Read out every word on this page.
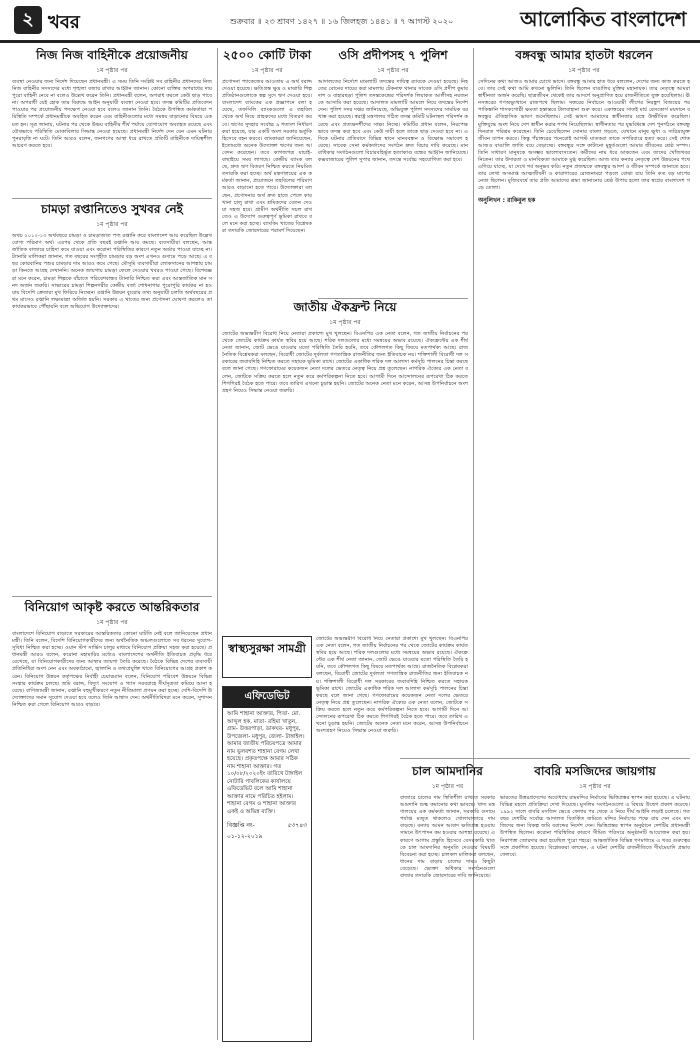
২ খবর	শুক্রবার ॥ ২৩ শ্রাবণ ১৪২৭ ॥ ১৬ জিলহজ ১৪৪১ ॥ ৭ আগস্ট ২০২০	আলোকিত বাংলাদেশ
নিজ নিজ বাহিনীকে প্রয়োজনীয়
১ম পৃষ্ঠার পর
ব্যবস্থা নেওয়ার জন্য নির্দেশ দিয়েছেন প্রধানমন্ত্রী। এ সময় তিনি সংশ্লিষ্ট সব বাহিনীর প্রধানদের নিজ নিজ বাহিনীর সদস্যদের মধ্যে শৃঙ্খলা বজায় রাখার আহ্বান জানান। কোনো ব্যক্তির অপরাধের দায় পুরো বাহিনী নেবে না বলেও উল্লেখ করেন তিনি। প্রধানমন্ত্রী বলেন, অপরাধ করলে কেউ ছাড় পাবে না। অপরাধী যেই হোক তার বিরুদ্ধে আইন অনুযায়ী ব্যবস্থা নেওয়া হবে। তদন্ত কমিটির প্রতিবেদন পাওয়ার পর প্রয়োজনীয় পদক্ষেপ নেওয়া হবে বলেও জানান তিনি। বৈঠকে উপস্থিত কর্মকর্তারা পরিস্থিতি সম্পর্কে প্রধানমন্ত্রীকে অবহিত করেন এবং বাহিনীগুলোর মধ্যে সমন্বয় বাড়ানোর বিষয়ে একমত হন। সূত্র জানায়, ঘটনার পর থেকে উভয় বাহিনীর শীর্ষ পর্যায়ে যোগাযোগ অব্যাহত রয়েছে এবং যৌথভাবে পরিস্থিতি মোকাবিলার সিদ্ধান্ত নেওয়া হয়েছে। প্রধানমন্ত্রী নির্দেশ দেন যেন এমন ঘটনার পুনরাবৃত্তি না ঘটে। তিনি আরও বলেন, জনগণের আস্থা ধরে রাখতে প্রতিটি বাহিনীকে দায়িত্বশীল আচরণ করতে হবে।
চামড়া রপ্তানিতেও সুখবর নেই
১ম পৃষ্ঠার পর
অথচ ২০১২-১৩ অর্থবছরে চামড়া ও চামড়াজাত পণ্য রপ্তানি করে বাংলাদেশ আয় করেছিল উল্লেখযোগ্য পরিমাণ অর্থ। এরপর থেকে প্রতি বছরই রপ্তানি আয় কমছে। ব্যবসায়ীরা বলছেন, আন্তর্জাতিক বাজারে চাহিদা কমে যাওয়া এবং করোনা পরিস্থিতির কারণে নতুন অর্ডার পাওয়া যাচ্ছে না। ট্যানারি মালিকরা জানান, গত বছরের সংগৃহীত চামড়ার বড় অংশ এখনও গুদামে পড়ে আছে। এ বছর কোরবানির পশুর চামড়ার দাম আরও কমে গেছে। মৌসুমি ব্যবসায়ীরা লোকসানের আশঙ্কায় চামড়া কিনতে আগ্রহ দেখাননি। অনেক জায়গায় চামড়া ফেলে দেওয়ার খবরও পাওয়া গেছে। বিশেষজ্ঞরা মনে করেন, চামড়া শিল্পকে বাঁচাতে পরিবেশবান্ধব ট্যানারি নিশ্চিত করা এবং আন্তর্জাতিক মান সনদ অর্জন জরুরি। সাভারের চামড়া শিল্পনগরীর কেন্দ্রীয় বর্জ্য শোধনাগার পুরোপুরি কার্যকর না হওয়ায় বিদেশি ক্রেতারা মুখ ফিরিয়ে নিচ্ছেন। রপ্তানি উন্নয়ন ব্যুরোর তথ্য অনুযায়ী চলতি অর্থবছরের প্রথম মাসেও রপ্তানি লক্ষ্যমাত্রা অর্জিত হয়নি। সরকার এ খাতের জন্য প্রণোদনা ঘোষণা করলেও তা কার্যকরভাবে পৌঁছায়নি বলে অভিযোগ উদ্যোক্তাদের।
বিনিয়োগ আকৃষ্ট করতে আন্তরিকতার
১ম পৃষ্ঠার পর
বাংলাদেশে বিনিয়োগ বাড়াতে সরকারের আন্তরিকতার কোনো ঘাটতি নেই বলে জানিয়েছেন প্রধানমন্ত্রী। তিনি বলেন, বিদেশি বিনিয়োগকারীদের জন্য অর্থনৈতিক অঞ্চলগুলোতে সব ধরনের সুযোগ-সুবিধা নিশ্চিত করা হচ্ছে। ওয়ান স্টপ সার্ভিস চালুর মাধ্যমে বিনিয়োগ প্রক্রিয়া সহজ করা হয়েছে। প্রধানমন্ত্রী আরও বলেন, করোনা মহামারির মধ্যেও বাংলাদেশের অর্থনীতি ইতিবাচক প্রবৃদ্ধি ধরে রেখেছে, যা বিনিয়োগকারীদের জন্য আস্থার জায়গা তৈরি করেছে। বৈঠকে বিভিন্ন দেশের ব্যবসায়ী প্রতিনিধিরা অংশ নেন এবং অবকাঠামো, জ্বালানি ও তথ্যপ্রযুক্তি খাতে বিনিয়োগের আগ্রহ প্রকাশ করেন। বিনিয়োগ উন্নয়ন কর্তৃপক্ষের নির্বাহী চেয়ারম্যান বলেন, বিনিয়োগ পরিবেশ উন্নয়নে বিভিন্ন সংস্কার কার্যক্রম চলছে। জমি বরাদ্দ, বিদ্যুৎ সংযোগ ও গ্যাস সরবরাহে দীর্ঘসূত্রতা কমিয়ে আনা হয়েছে। বাণিজ্যমন্ত্রী জানান, রপ্তানি বহুমুখীকরণে নতুন নীতিমালা প্রণয়ন করা হচ্ছে। দেশি-বিদেশি উদ্যোক্তাদের সমান সুযোগ দেওয়া হবে বলেও তিনি আশ্বাস দেন। অর্থনীতিবিদরা মনে করেন, সুশাসন নিশ্চিত করা গেলে বিনিয়োগ আরও বাড়বে।
২৫০০ কোটি টাকা
১ম পৃষ্ঠার পর
প্রণোদনা প্যাকেজের আওতায় এ অর্থ বরাদ্দ দেওয়া হয়েছে। ক্ষতিগ্রস্ত ক্ষুদ্র ও মাঝারি শিল্প প্রতিষ্ঠানগুলোকে স্বল্প সুদে ঋণ দেওয়া হবে। বাংলাদেশ ব্যাংকের এক প্রজ্ঞাপনে বলা হয়েছে, তফসিলি ব্যাংকগুলো এ তহবিল থেকে অর্থ নিয়ে গ্রাহকদের মধ্যে বিতরণ করবে। ঋণের সুদহার সর্বোচ্চ ৯ শতাংশ নির্ধারণ করা হয়েছে, যার একটি অংশ সরকার ভর্তুকি হিসেবে বহন করবে। ব্যাংকাররা জানিয়েছেন, ইতোমধ্যে অনেক উদ্যোক্তা ঋণের জন্য আবেদন করেছেন। তবে কাগজপত্র যাচাই-বাছাইয়ে সময় লাগছে। কেন্দ্রীয় ব্যাংক বলছে, দ্রুত ঋণ বিতরণ নিশ্চিত করতে নিয়মিত তদারকি করা হচ্ছে। অর্থ মন্ত্রণালয়ের এক কর্মকর্তা জানান, প্রয়োজনে তহবিলের পরিমাণ আরও বাড়ানো হতে পারে। উদ্যোক্তারা বলছেন, প্রণোদনার অর্থ দ্রুত হাতে পেলে কারখানা চালু রাখা এবং শ্রমিকদের বেতন দেওয়া সহজ হবে। গ্রামীণ অর্থনীতি সচল রাখতেও এ উদ্যোগ গুরুত্বপূর্ণ ভূমিকা রাখবে বলে মনে করা হচ্ছে। ব্যাংকিং খাতের বিশ্লেষকরা তদারকি জোরদারের পরামর্শ দিয়েছেন।
ওসি প্রদীপসহ ৭ পুলিশ
১ম পৃষ্ঠার পর
আদালতের নির্দেশে মামলাটি তদন্তের দায়িত্ব র‍্যাবকে দেওয়া হয়েছে। নিহতের বোনের দায়ের করা মামলায় টেকনাফ থানার সাবেক ওসি প্রদীপ কুমার দাশ ও বাহারছড়া পুলিশ তদন্তকেন্দ্রের পরিদর্শক লিয়াকত আলীসহ নয়জনকে আসামি করা হয়েছে। আদালত মামলাটি আমলে নিয়ে তদন্তের নির্দেশ দেন। পুলিশ সদর দপ্তর জানিয়েছে, অভিযুক্ত পুলিশ সদস্যদের সাময়িক বরখাস্ত করা হয়েছে। স্বরাষ্ট্র মন্ত্রণালয় গঠিত তদন্ত কমিটি ঘটনাস্থল পরিদর্শন করেছে এবং প্রত্যক্ষদর্শীদের সাক্ষ্য নিচ্ছে। কমিটির প্রধান বলেন, নিরপেক্ষভাবে তদন্ত করা হবে এবং কেউ দায়ী হলে তাকে ছাড় দেওয়া হবে না। এদিকে ঘটনার প্রতিবাদে বিভিন্ন স্থানে মানববন্ধন ও বিক্ষোভ সমাবেশ হয়েছে। সাবেক সেনা কর্মকর্তাদের সংগঠন দ্রুত বিচার দাবি করেছে। মানবাধিকার সংগঠনগুলো বিচারবহির্ভূত হত্যাকাণ্ড বন্ধের আহ্বান জানিয়েছে। কক্সবাজারের পুলিশ সুপার জানান, তদন্তে সর্বোচ্চ সহযোগিতা করা হবে।
জাতীয় ঐকফ্রন্ট নিয়ে
১ম পৃষ্ঠার পর
জোটের অভ্যন্তরীণ বিরোধ নিয়ে নেতারা প্রকাশ্যে মুখ খুলছেন। বিএনপির এক নেতা বলেন, গত জাতীয় নির্বাচনের পর থেকে জোটের কার্যক্রম কার্যত স্থবির হয়ে আছে। শরিক দলগুলোর মধ্যে সমন্বয়ের অভাব রয়েছে। ঐক্যফ্রন্টের এক শীর্ষ নেতা জানান, জোট ভেঙে যাওয়ার মতো পরিস্থিতি তৈরি হয়নি, তবে কৌশলগত কিছু বিষয়ে মতপার্থক্য আছে। রাজনৈতিক বিশ্লেষকরা বলছেন, বিরোধী জোটের দুর্বলতা গণতান্ত্রিক রাজনীতির জন্য ইতিবাচক নয়। শক্তিশালী বিরোধী দল সরকারের জবাবদিহি নিশ্চিত করতে সহায়ক ভূমিকা রাখে। জোটের একাধিক শরিক দল আলাদা কর্মসূচি পালনের চিন্তা করছে বলে জানা গেছে। গণফোরামের কয়েকজন নেতা দলের ভেতরে নেতৃত্ব নিয়ে প্রশ্ন তুলেছেন। নাগরিক ঐক্যের এক নেতা বলেন, জোটকে সক্রিয় করতে হলে নতুন করে কর্মপরিকল্পনা নিতে হবে। আগামী দিনে আন্দোলনের রূপরেখা ঠিক করতে শিগগিরই বৈঠক হতে পারে। তবে তারিখ এখনো চূড়ান্ত হয়নি। জোটের অনেক নেতা মনে করেন, আসন্ন উপনির্বাচনে অংশগ্রহণ নিয়েও সিদ্ধান্ত নেওয়া জরুরি।
স্বাস্থ্যসুরক্ষা সামগ্রী
এফিডেভিট
আমি শাহানা আক্তার, পিতা- মো. আব্দুল হক, মাতা- রহিমা খাতুন, গ্রাম- উত্তরপাড়া, ডাকঘর- মধুপুর, উপজেলা- মধুপুর, জেলা- টাঙ্গাইল। আমার জাতীয় পরিচয়পত্রে আমার নাম ভুলবশত শাহানা বেগম লেখা হয়েছে। প্রকৃতপক্ষে আমার সঠিক নাম শাহানা আক্তার। গত ১০/০৮/২০২০ইং তারিখে টাঙ্গাইল নোটারি পাবলিকের কার্যালয়ে এফিডেভিট বলে আমি শাহানা আক্তার নামে পরিচিত হইলাম। শাহানা বেগম ও শাহানা আক্তার একই ও অভিন্ন ব্যক্তি।
বিজ্ঞপ্তি নং- ০১-১২-২০১৯
৫৩৭৪৩
জোটের অভ্যন্তরীণ বিরোধ নিয়ে নেতারা প্রকাশ্যে মুখ খুলছেন। বিএনপির এক নেতা বলেন, গত জাতীয় নির্বাচনের পর থেকে জোটের কার্যক্রম কার্যত স্থবির হয়ে আছে। শরিক দলগুলোর মধ্যে সমন্বয়ের অভাব রয়েছে। ঐক্যফ্রন্টের এক শীর্ষ নেতা জানান, জোট ভেঙে যাওয়ার মতো পরিস্থিতি তৈরি হয়নি, তবে কৌশলগত কিছু বিষয়ে মতপার্থক্য আছে। রাজনৈতিক বিশ্লেষকরা বলছেন, বিরোধী জোটের দুর্বলতা গণতান্ত্রিক রাজনীতির জন্য ইতিবাচক নয়। শক্তিশালী বিরোধী দল সরকারের জবাবদিহি নিশ্চিত করতে সহায়ক ভূমিকা রাখে। জোটের একাধিক শরিক দল আলাদা কর্মসূচি পালনের চিন্তা করছে বলে জানা গেছে। গণফোরামের কয়েকজন নেতা দলের ভেতরে নেতৃত্ব নিয়ে প্রশ্ন তুলেছেন। নাগরিক ঐক্যের এক নেতা বলেন, জোটকে সক্রিয় করতে হলে নতুন করে কর্মপরিকল্পনা নিতে হবে। আগামী দিনে আন্দোলনের রূপরেখা ঠিক করতে শিগগিরই বৈঠক হতে পারে। তবে তারিখ এখনো চূড়ান্ত হয়নি। জোটের অনেক নেতা মনে করেন, আসন্ন উপনির্বাচনে অংশগ্রহণ নিয়েও সিদ্ধান্ত নেওয়া জরুরি।
বঙ্গবন্ধু আমার হাতটা ধরলেন
১ম পৃষ্ঠার পর
সেদিনের কথা আজও আমার চোখে ভাসে। বঙ্গবন্ধু আমার হাত ধরে বললেন, দেশের জন্য কাজ করতে হবে। তার সেই কথা আমি কখনো ভুলিনি। তিনি ছিলেন বাঙালির মুক্তির মহানায়ক। তার নেতৃত্বে আমরা স্বাধীনতা অর্জন করেছি। ছাত্রজীবন থেকেই তার আদর্শে অনুপ্রাণিত হয়ে রাজনীতিতে যুক্ত হয়েছিলাম। ঊনসত্তরের গণঅভ্যুত্থানে রাজপথে ছিলাম। সত্তরের নির্বাচনে আওয়ামী লীগের নিরঙ্কুশ বিজয়ের পর পাকিস্তানি শাসকগোষ্ঠী ক্ষমতা হস্তান্তরে টালবাহানা শুরু করে। একাত্তরের সাতই মার্চ রেসকোর্স ময়দানে বঙ্গবন্ধুর ঐতিহাসিক ভাষণ শুনেছিলাম। সেই ভাষণ আমাদের স্বাধীনতার মন্ত্রে উজ্জীবিত করেছিল। মুক্তিযুদ্ধে অংশ নিয়ে দেশ স্বাধীন করার শপথ নিয়েছিলাম। স্বাধীনতার পর যুদ্ধবিধ্বস্ত দেশ পুনর্গঠনে বঙ্গবন্ধু দিনরাত পরিশ্রম করেছেন। তিনি চেয়েছিলেন সোনার বাংলা গড়তে, যেখানে মানুষ ক্ষুধা ও দারিদ্র্যমুক্ত জীবন যাপন করবে। কিন্তু পঁচাত্তরের পনেরোই আগস্ট ঘাতকরা তাকে সপরিবারে হত্যা করে। সেই শোক আজও বাঙালি জাতি বয়ে বেড়াচ্ছে। বঙ্গবন্ধুর সঙ্গে কাটানো মুহূর্তগুলো আমার জীবনের শ্রেষ্ঠ সম্পদ। তিনি সাধারণ মানুষকে অসম্ভব ভালোবাসতেন। কর্মীদের নাম ধরে ডাকতেন এবং তাদের খোঁজখবর নিতেন। তার উদারতা ও মানবিকতা আমাকে মুগ্ধ করেছিল। আজ তার কন্যার নেতৃত্বে দেশ উন্নয়নের পথে এগিয়ে যাচ্ছে, যা দেখে গর্ব অনুভব করি। নতুন প্রজন্মকে বঙ্গবন্ধুর আদর্শ ও জীবন সম্পর্কে জানাতে হবে। তার লেখা অসমাপ্ত আত্মজীবনী ও কারাগারের রোজনামচা পড়লে বোঝা যায় তিনি কত বড় মাপের নেতা ছিলেন। মুজিববর্ষে তার প্রতি আমাদের শ্রদ্ধা জানানোর শ্রেষ্ঠ উপায় হলো তার স্বপ্নের বাংলাদেশ গড়ে তোলা।
অনুলিখন : রাকিবুল হক
চাল আমদানির
১ম পৃষ্ঠার পর
বাজারে চালের দাম স্থিতিশীল রাখতে সরকার আমদানি শুল্ক কমানোর কথা ভাবছে। খাদ্য মন্ত্রণালয়ের এক কর্মকর্তা জানান, সরকারি গুদামে পর্যাপ্ত মজুত থাকলেও খোলাবাজারে দাম বাড়ছে। বন্যায় আমন আবাদ ক্ষতিগ্রস্ত হওয়ায় সামনে উৎপাদন কম হওয়ার আশঙ্কা রয়েছে। এ কারণে আগাম প্রস্তুতি হিসেবে বেসরকারি খাতকে চাল আমদানির অনুমতি দেওয়ার বিষয়টি বিবেচনা করা হচ্ছে। চালকল মালিকরা বলছেন, ধানের দাম বাড়ায় চালের দামও কিছুটা বেড়েছে। ভোক্তা অধিকার সংগঠনগুলো বাজার তদারকি জোরদারের দাবি জানিয়েছে।
বাবরি মসজিদের জায়গায়
১ম পৃষ্ঠার পর
ভারতের উত্তরপ্রদেশের অযোধ্যায় রামমন্দির নির্মাণের ভিত্তিপ্রস্তর স্থাপন করা হয়েছে। এ ঘটনায় বিভিন্ন মহলে প্রতিক্রিয়া দেখা দিয়েছে। মুসলিম সংগঠনগুলো এ বিষয়ে উদ্বেগ প্রকাশ করেছে। ১৯৯২ সালে বাবরি মসজিদ ভেঙে ফেলার পর থেকে এ নিয়ে দীর্ঘ আইনি লড়াই চলেছে। গত বছর দেশটির সর্বোচ্চ আদালত বিতর্কিত জমিতে মন্দির নির্মাণের পক্ষে রায় দেন এবং মসজিদের জন্য বিকল্প জমি বরাদ্দের নির্দেশ দেন। ভিত্তিপ্রস্তর স্থাপন অনুষ্ঠানে দেশটির প্রধানমন্ত্রী উপস্থিত ছিলেন। করোনা পরিস্থিতির কারণে সীমিত পরিসরে অনুষ্ঠানটি আয়োজন করা হয়। নিরাপত্তা জোরদার করা হয়েছিল পুরো শহরে। আন্তর্জাতিক বিভিন্ন গণমাধ্যমে এ খবর গুরুত্বের সঙ্গে প্রকাশিত হয়েছে। বিশ্লেষকরা বলছেন, এ ঘটনা দেশটির রাজনীতিতে দীর্ঘমেয়াদি প্রভাব ফেলবে।
